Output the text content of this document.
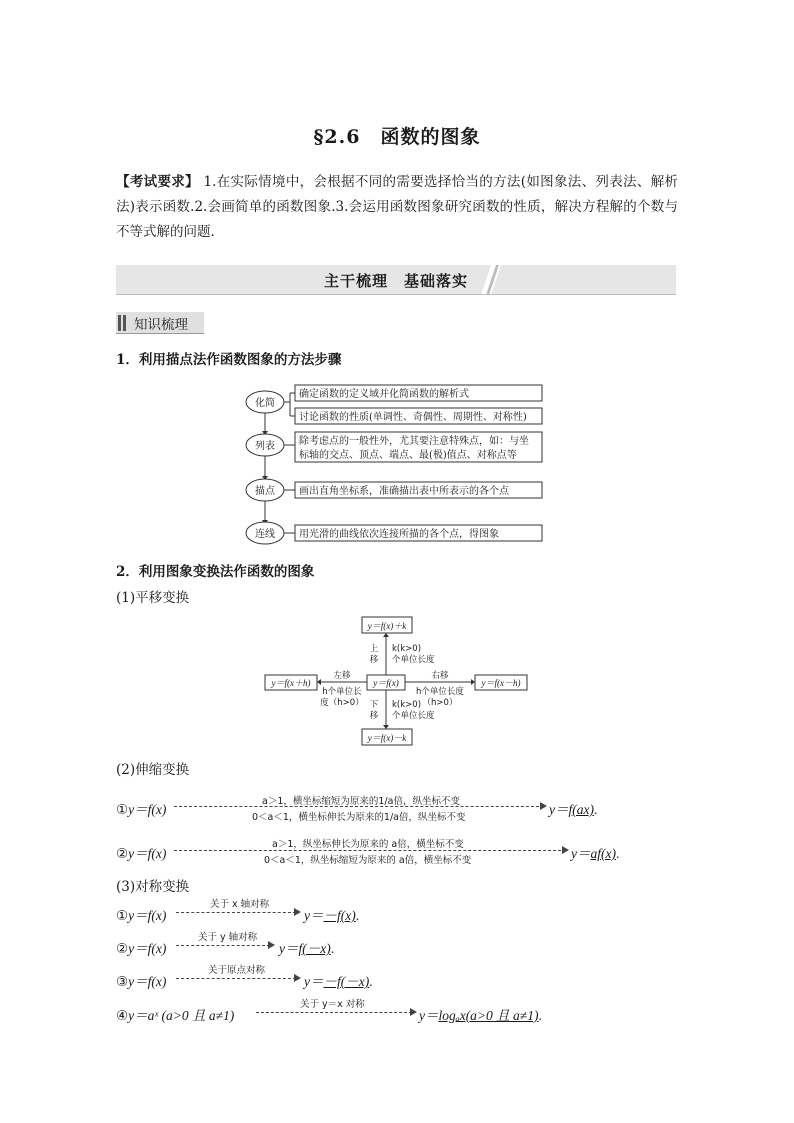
§2.6　函数的图象
【考试要求】 1.在实际情境中，会根据不同的需要选择恰当的方法(如图象法、列表法、解析法)表示函数.2.会画简单的函数图象.3.会运用函数图象研究函数的性质，解决方程解的个数与不等式解的问题．
主干梳理　基础落实
知识梳理
1．利用描点法作函数图象的方法步骤
化简
列表
描点
连线
确定函数的定义域并化简函数的解析式
讨论函数的性质(单调性、奇偶性、周期性、对称性)
除考虑点的一般性外，尤其要注意特殊点，如：与坐
标轴的交点、顶点、端点、最(极)值点、对称点等
画出直角坐标系，准确描出表中所表示的各个点
用光滑的曲线依次连接所描的各个点，得图象
2．利用图象变换法作函数的图象
(1)平移变换
y＝f(x)＋k
y＝f(x)
y＝f(x＋h)	y＝f(x－h)
y＝f(x)－k
上
移
k(k>0)
个单位长度
下
移
k(k>0)
个单位长度
左移
h个单位长
度（h>0）
右移
h个单位长度
（h>0）
(2)伸缩变换
①y＝f(x)
a＞1，横坐标缩短为原来的1/a倍，纵坐标不变
0＜a＜1，横坐标伸长为原来的1/a倍，纵坐标不变
y＝f(ax).
②y＝f(x)
a＞1，纵坐标伸长为原来的 a倍，横坐标不变
0＜a＜1，纵坐标缩短为原来的 a倍，横坐标不变	y＝af(x).
(3)对称变换
①y＝f(x)
关于 x 轴对称
y＝－f(x).
②y＝f(x)
关于 y 轴对称
y＝f(－x).
③y＝f(x)
关于原点对称
y＝－f(－x).
④y＝aˣ (a>0 且 a≠1)
关于 y＝x 对称
y＝logₐx(a>0 且 a≠1).
